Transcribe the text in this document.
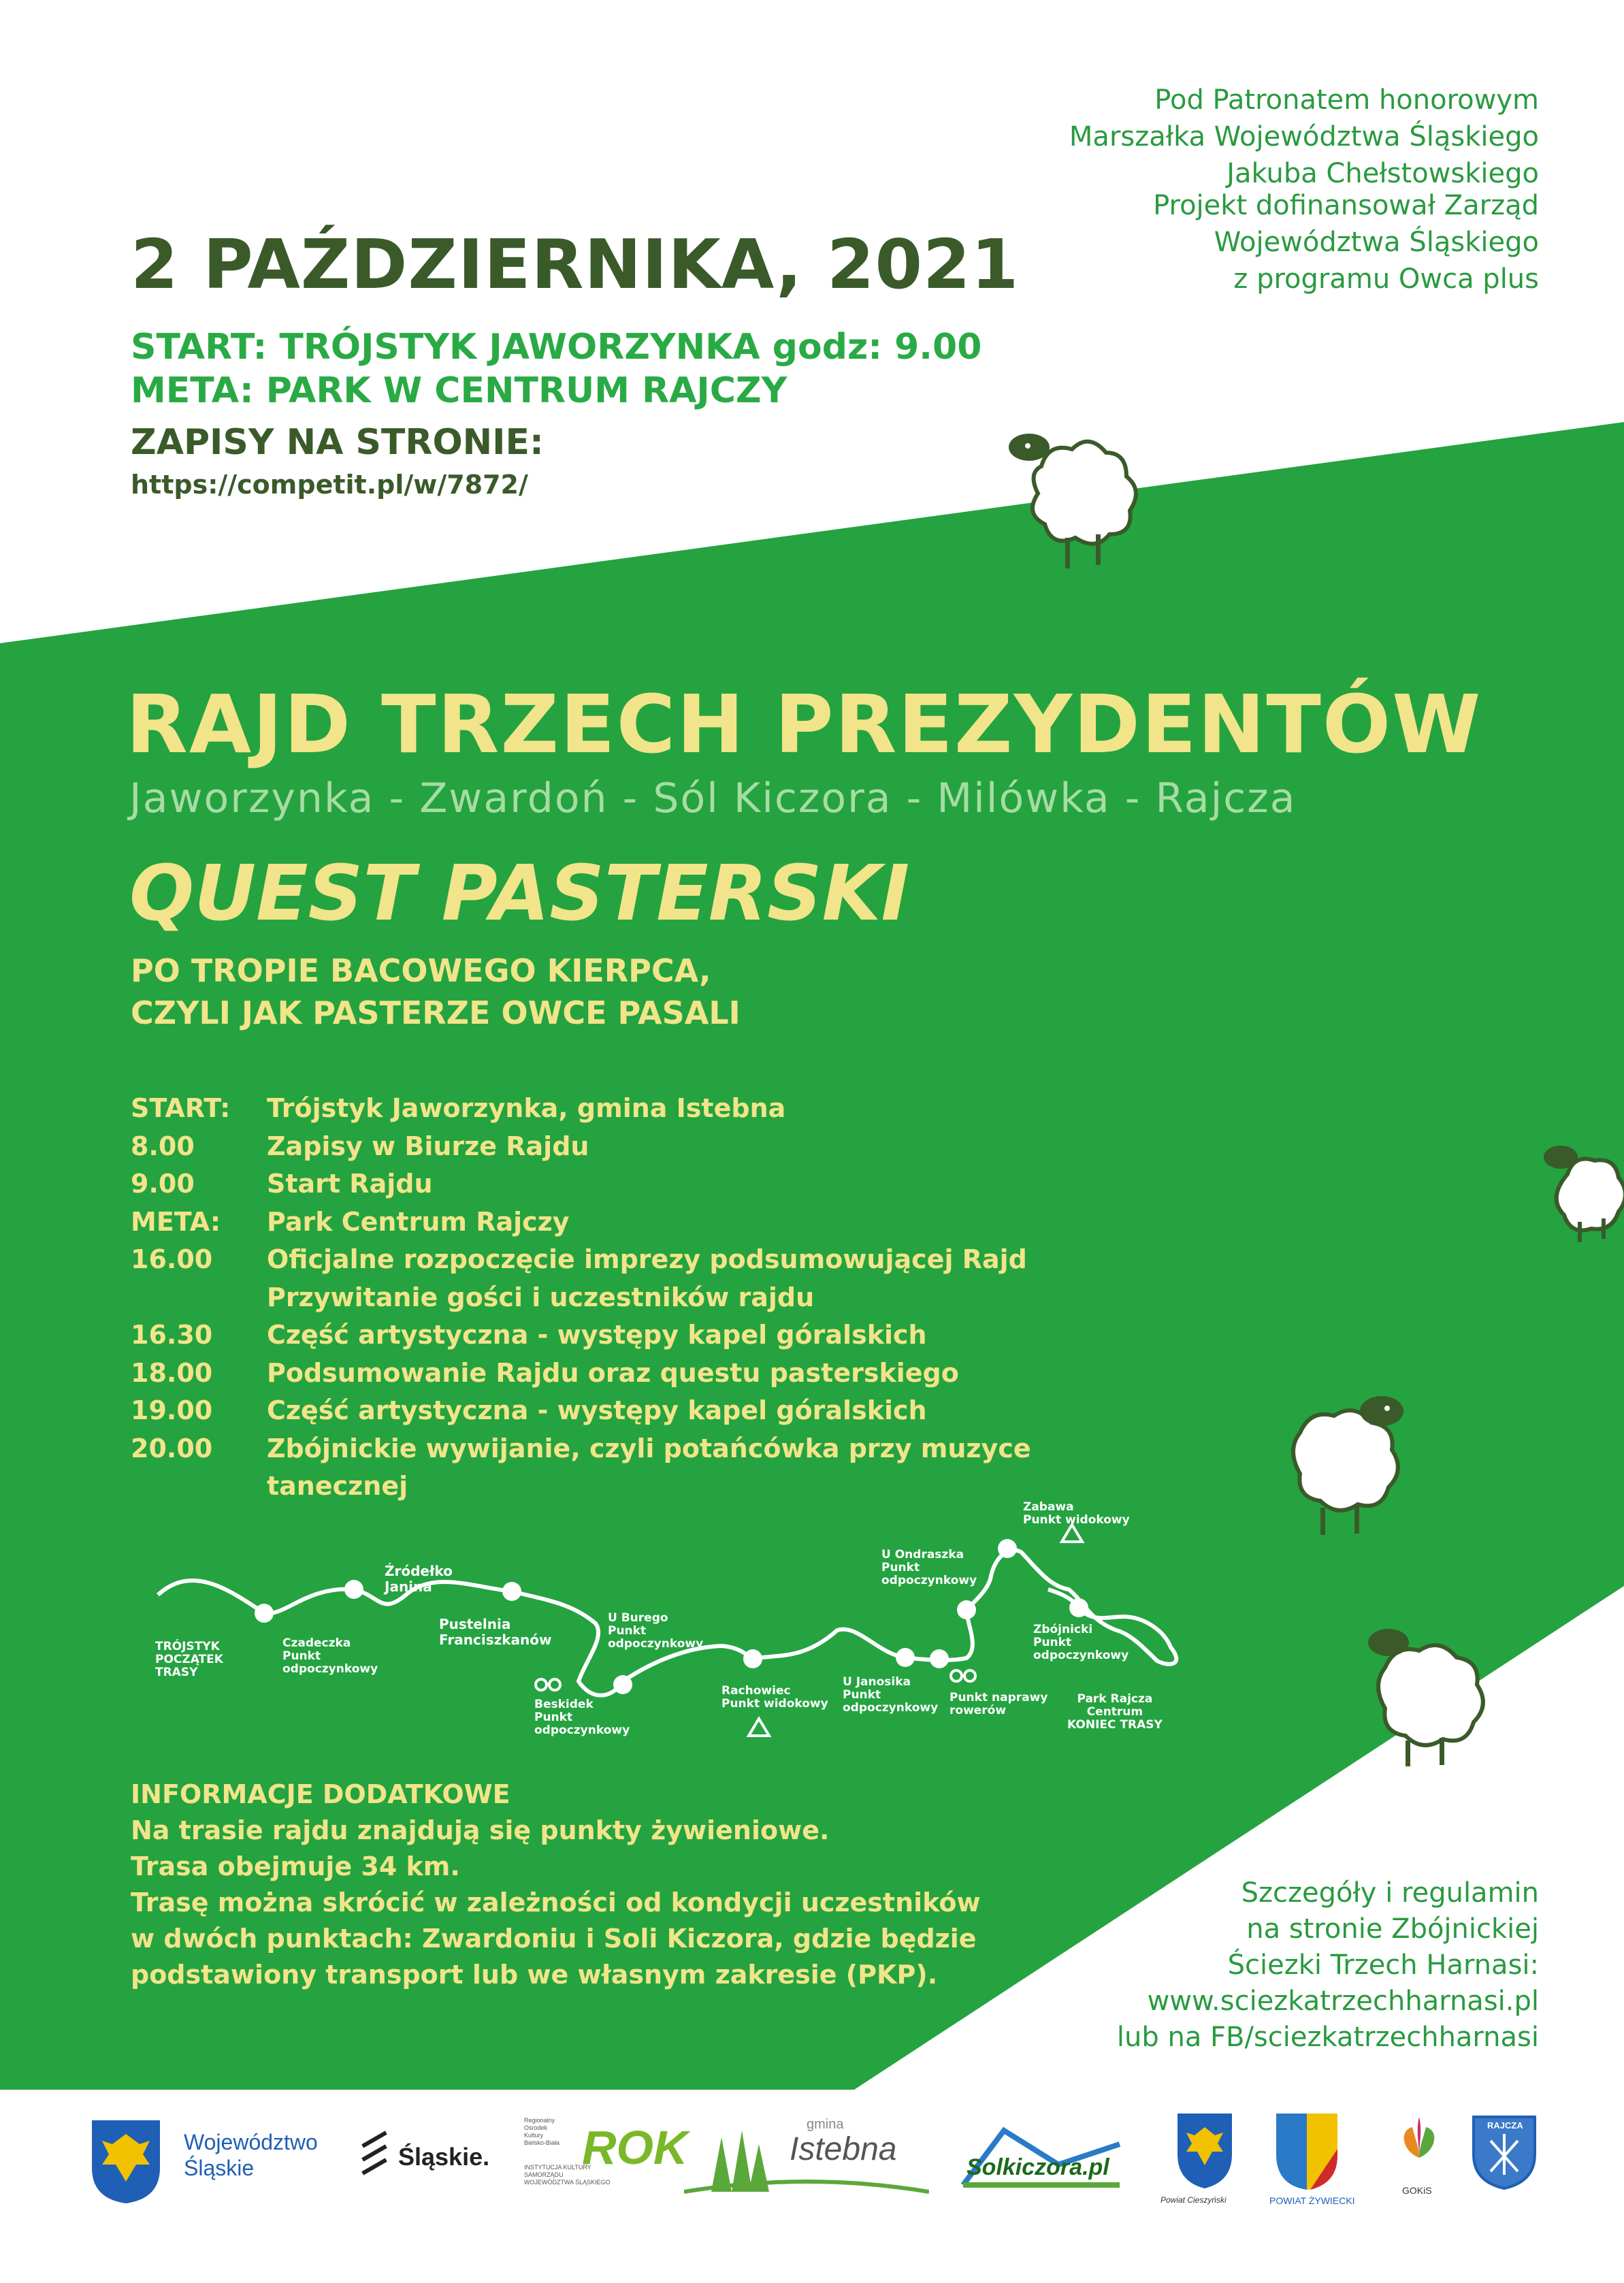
Pod Patronatem honorowym
Marszałka Województwa Śląskiego
Jakuba Chełstowskiego
Projekt dofinansował Zarząd
Województwa Śląskiego
z programu Owca plus
2 PAŹDZIERNIKA, 2021
START: TRÓJSTYK JAWORZYNKA godz: 9.00
META: PARK W CENTRUM RAJCZY
ZAPISY NA STRONIE:
https://competit.pl/w/7872/
RAJD TRZECH PREZYDENTÓW
Jaworzynka - Zwardoń - Sól Kiczora - Milówka - Rajcza
QUEST PASTERSKI
PO TROPIE BACOWEGO KIERPCA,
CZYLI JAK PASTERZE OWCE PASALI
START:	Trójstyk Jaworzynka, gmina Istebna
8.00	Zapisy w Biurze Rajdu
9.00	Start Rajdu
META:	Park Centrum Rajczy
16.00	Oficjalne rozpoczęcie imprezy podsumowującej Rajd
Przywitanie gości i uczestników rajdu
16.30	Część artystyczna - występy kapel góralskich
18.00	Podsumowanie Rajdu oraz questu pasterskiego
19.00	Część artystyczna - występy kapel góralskich
20.00	Zbójnickie wywijanie, czyli potańcówka przy muzyce
tanecznej
TRÓJSTYK
POCZĄTEK
TRASY
Czadeczka
Punkt
odpoczynkowy
Źródełko
Janina
Pustelnia
Franciszkanów
Beskidek
Punkt
odpoczynkowy
U Burego
Punkt
odpoczynkowy
Rachowiec
Punkt widokowy
U Janosika
Punkt
odpoczynkowy
U Ondraszka
Punkt
odpoczynkowy
Punkt naprawy
rowerów
Zabawa
Punkt widokowy
Zbójnicki
Punkt
odpoczynkowy
Park Rajcza
Centrum
KONIEC TRASY
INFORMACJE DODATKOWE
Na trasie rajdu znajdują się punkty żywieniowe.
Trasa obejmuje 34 km.
Trasę można skrócić w zależności od kondycji uczestników
w dwóch punktach: Zwardoniu i Soli Kiczora, gdzie będzie
podstawiony transport lub we własnym zakresie (PKP).
Szczegóły i regulamin
na stronie Zbójnickiej
Ściezki Trzech Harnasi:
www.sciezkatrzechharnasi.pl
lub na FB/sciezkatrzechharnasi
Województwo
Śląskie	Śląskie.
Regionalny
Ośrodek
Kultury
Bielsko-Biała
INSTYTUCJA KULTURY
SAMORZĄDU
WOJEWÓDZTWA ŚLĄSKIEGO
ROK	gmina
Istebna	Solkiczora.pl
Powiat Cieszyński	POWIAT ŻYWIECKI
GOKiS
RAJCZA
